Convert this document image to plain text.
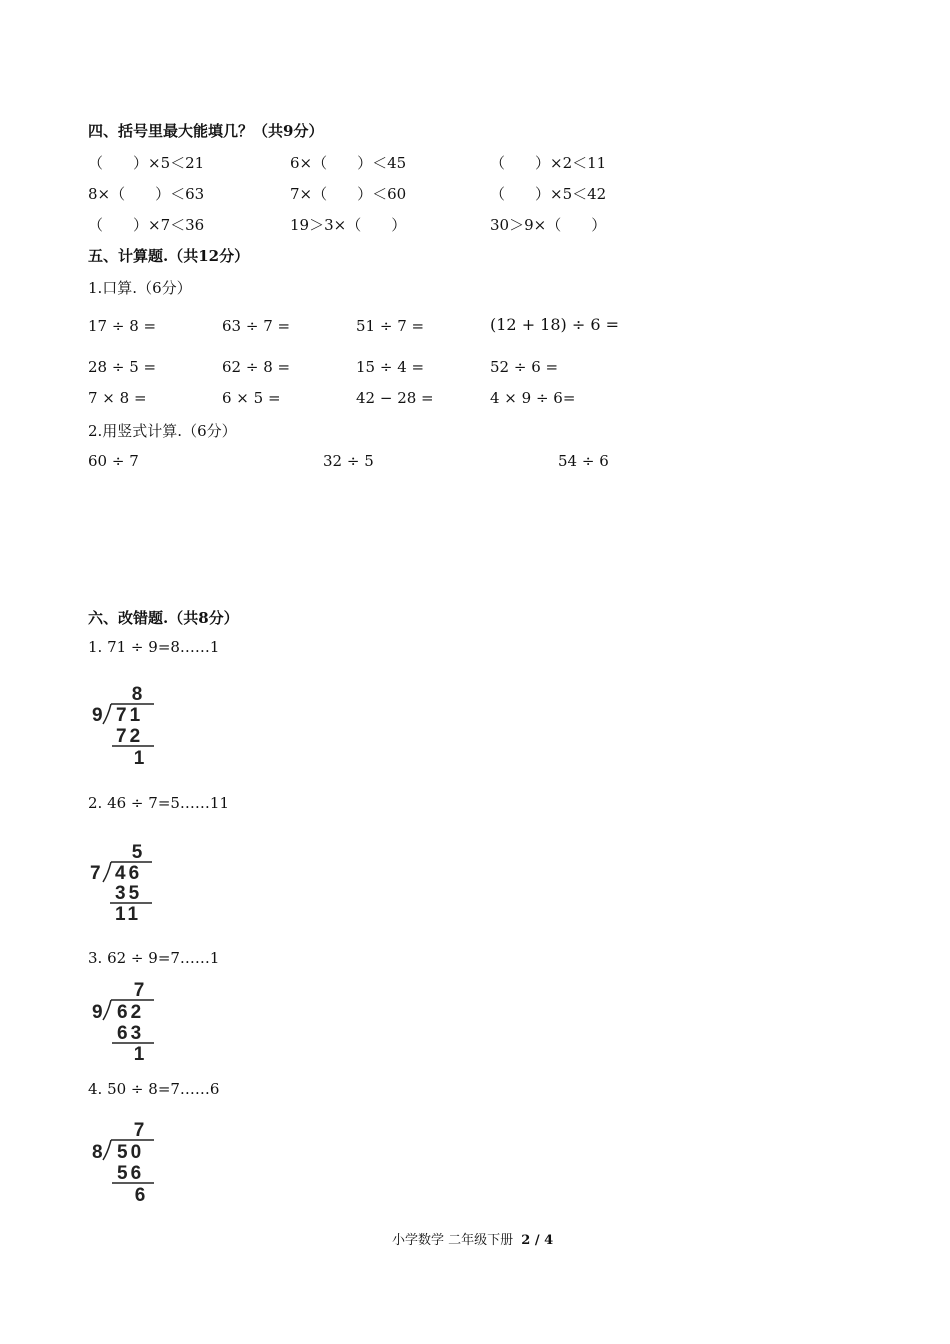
四、括号里最大能填几？（共9分）
（　　）×5＜21	6×（　　）＜45	（　　）×2＜11
8×（　　）＜63	7×（　　）＜60	（　　）×5＜42
（　　）×7＜36	19＞3×（　　）	30＞9×（　　）
五、计算题.（共12分）
1.口算.（6分）
17 ÷ 8 =	63 ÷ 7 =	51 ÷ 7 =	(12 + 18) ÷ 6 =
28 ÷ 5 =	62 ÷ 8 =	15 ÷ 4 =	52 ÷ 6 =
7 × 8 =	6 × 5 =	42 − 28 =	4 × 9 ÷ 6=
2.用竖式计算.（6分）
60 ÷ 7	32 ÷ 5	54 ÷ 6
六、改错题.（共8分）
1. 71 ÷ 9=8……1
8
9 71
72
1
2. 46 ÷ 7=5……11
5
7 46
35
11
3. 62 ÷ 9=7……1
7
9 62
63
1
4. 50 ÷ 8=7……6
7
8 50
56
6
小学数学 二年级下册 2 / 4
